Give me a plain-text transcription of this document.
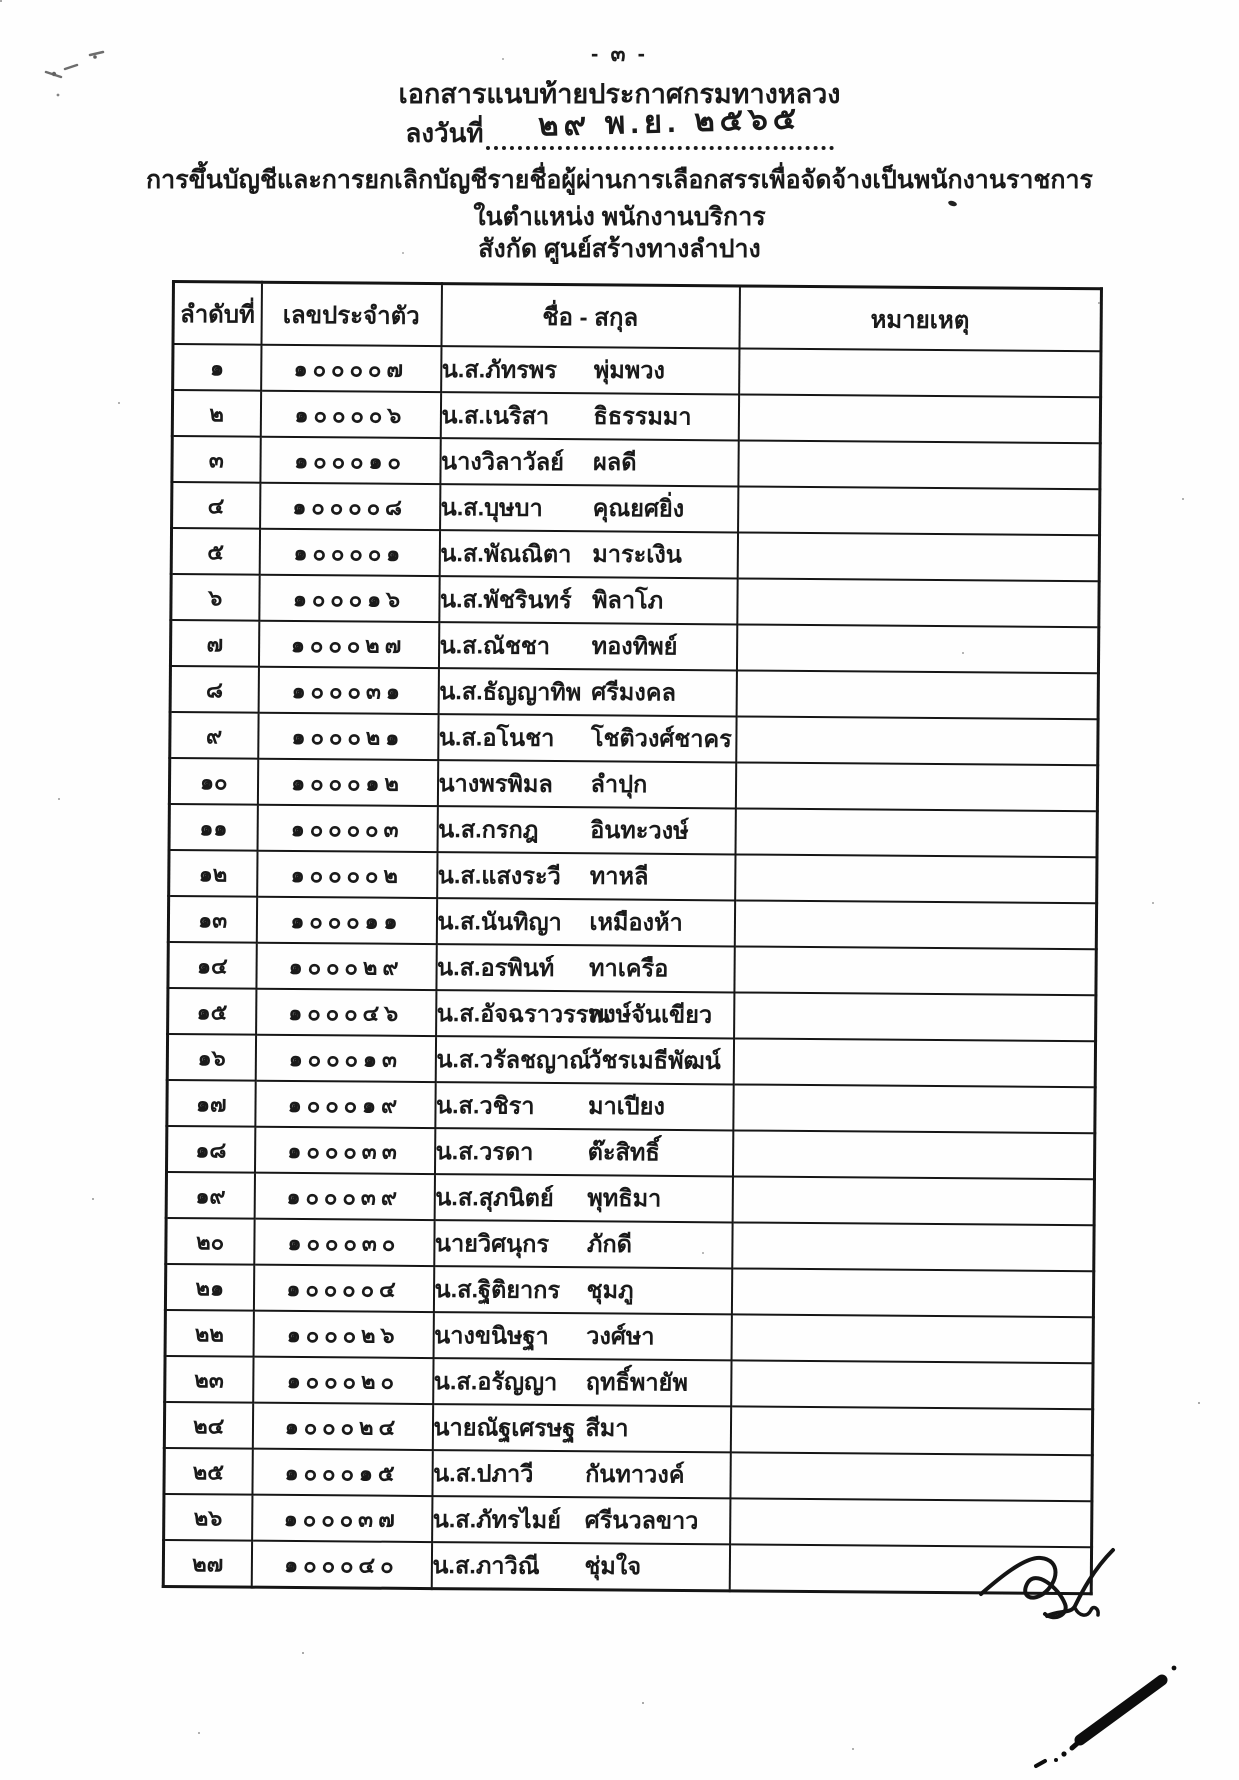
- ๓ -
เอกสารแนบท้ายประกาศกรมทางหลวง
ลงวันที่ ๒๙ พ.ย. ๒๕๖๕
การขึ้นบัญชีและการยกเลิกบัญชีรายชื่อผู้ผ่านการเลือกสรรเพื่อจัดจ้างเป็นพนักงานราชการ
ในตำแหน่ง พนักงานบริการ
สังกัด ศูนย์สร้างทางลำปาง
ลำดับที่	เลขประจำตัว	ชื่อ - สกุล	หมายเหตุ
๑	๑๐๐๐๐๗	น.ส.ภัทรพร พุ่มพวง	

๒	๑๐๐๐๐๖	น.ส.เนริสา ธิธรรมมา	

๓	๑๐๐๐๑๐	นางวิลาวัลย์ ผลดี	

๔	๑๐๐๐๐๘	น.ส.บุษบา คุณยศยิ่ง	

๕	๑๐๐๐๐๑	น.ส.พัณณิตา มาระเงิน	

๖	๑๐๐๐๑๖	น.ส.พัชรินทร์ พิลาโภ	

๗	๑๐๐๐๒๗	น.ส.ณัชชา ทองทิพย์	

๘	๑๐๐๐๓๑	น.ส.ธัญญาทิพ ศรีมงคล	

๙	๑๐๐๐๒๑	น.ส.อโนชา โชติวงศ์ชาคร	

๑๐	๑๐๐๐๑๒	นางพรพิมล ลำปุก	

๑๑	๑๐๐๐๐๓	น.ส.กรกฎ อินทะวงษ์	

๑๒	๑๐๐๐๐๒	น.ส.แสงระวี ทาหลี	

๑๓	๑๐๐๐๑๑	น.ส.นันทิญา เหมืองห้า	

๑๔	๑๐๐๐๒๙	น.ส.อรพินท์ ทาเครือ	

๑๕	๑๐๐๐๔๖	น.ส.อัจฉราวรรณ
พงษ์จันเขียว	

๑๖	๑๐๐๐๑๓	น.ส.วรัลชญาณ์
วัชรเมธีพัฒน์	

๑๗	๑๐๐๐๑๙	น.ส.วชิรา มาเปียง	

๑๘	๑๐๐๐๓๓	น.ส.วรดา ต๊ะสิทธิ์	

๑๙	๑๐๐๐๓๙	น.ส.สุภนิตย์ พุทธิมา	

๒๐	๑๐๐๐๓๐	นายวิศนุกร ภักดี	

๒๑	๑๐๐๐๐๔	น.ส.ฐิติยากร ชุมภู	

๒๒	๑๐๐๐๒๖	นางขนิษฐา วงศ์ษา	

๒๓	๑๐๐๐๒๐	น.ส.อรัญญา ฤทธิ์พายัพ	

๒๔	๑๐๐๐๒๔	นายณัฐเศรษฐ สีมา	

๒๕	๑๐๐๐๑๕	น.ส.ปภาวี กันทาวงค์	

๒๖	๑๐๐๐๓๗	น.ส.ภัทรไมย์ ศรีนวลขาว	

๒๗	๑๐๐๐๔๐	น.ส.ภาวิณี ชุ่มใจ	
